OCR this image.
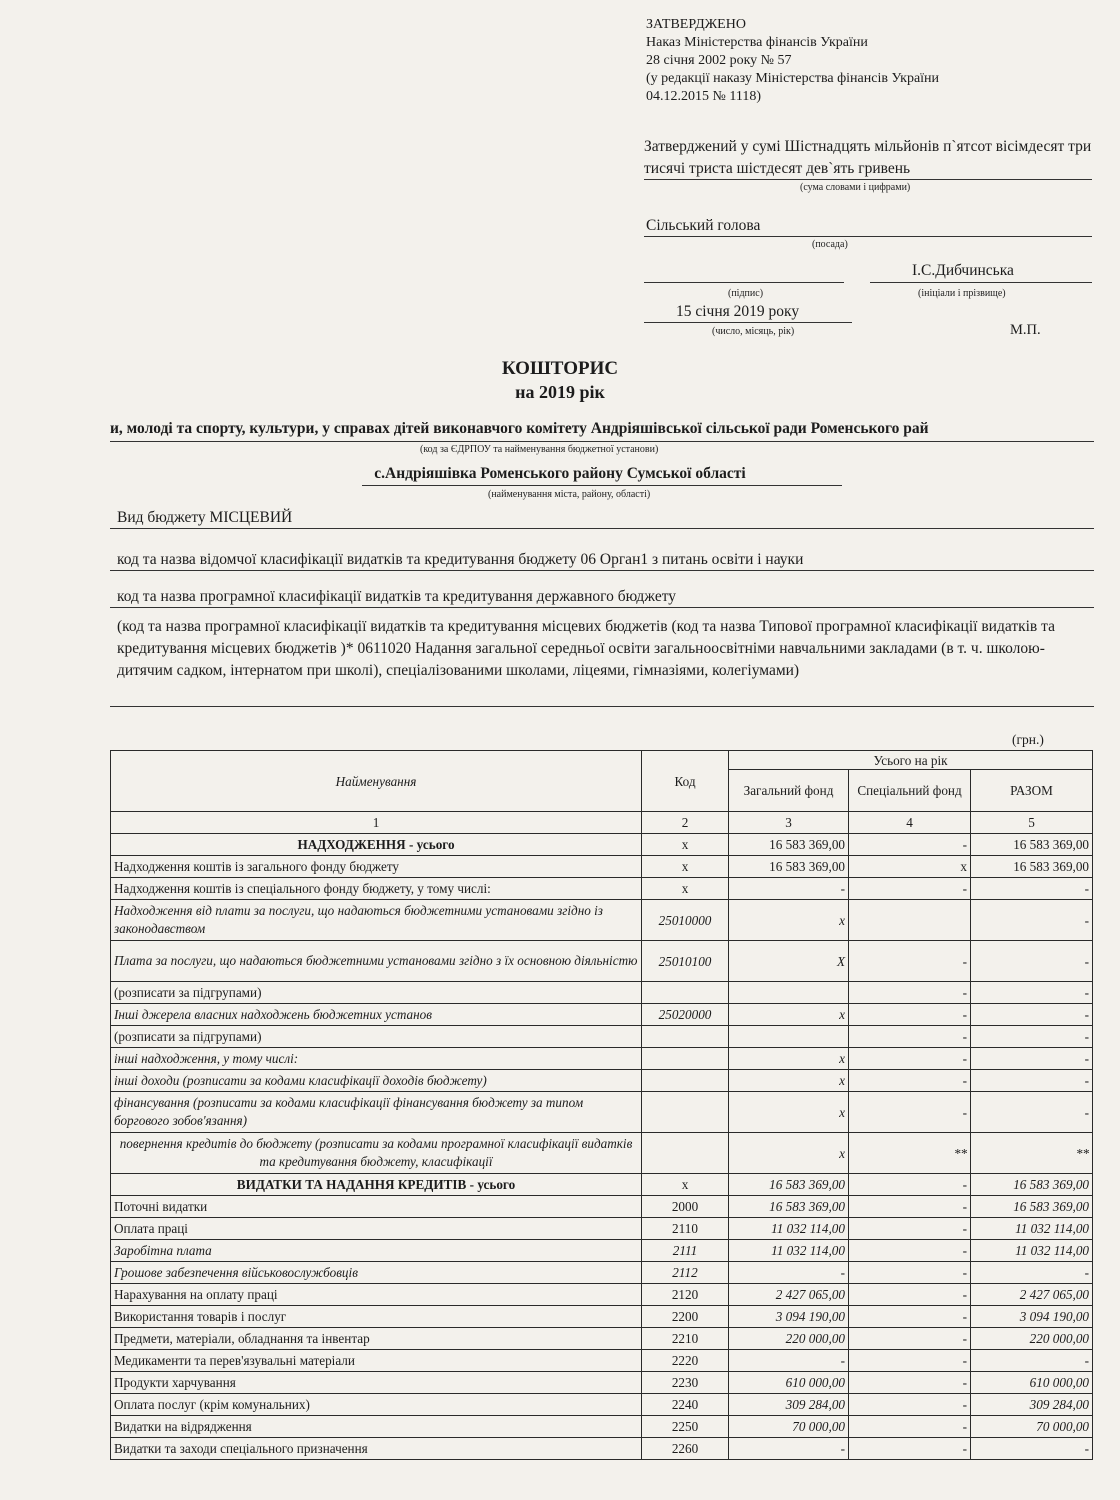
ЗАТВЕРДЖЕНО
Наказ Міністерства фінансів України
28 січня 2002 року № 57
(у редакції наказу Міністерства фінансів України
04.12.2015 № 1118)
Затверджений у сумі Шістнадцять мільйонів п`ятсот вісімдесят три тисячі триста шістдесят дев`ять гривень
(сума словами і цифрами)
Сільський голова
(посада)
І.С.Дибчинська
(підпис)	(ініціали і прізвище)
15 січня 2019 року
(число, місяць, рік)	М.П.
КОШТОРИС
на 2019 рік
и, молоді та спорту, культури, у справах дітей виконавчого комітету Андріяшівської сільської ради Роменського рай
(код за ЄДРПОУ та найменування бюджетної установи)
с.Андріяшівка Роменського району Сумської області
(найменування міста, району, області)
Вид бюджету МІСЦЕВИЙ
код та назва відомчої класифікації видатків та кредитування бюджету 06 Орган1 з питань освіти і науки
код та назва програмної класифікації видатків та кредитування державного бюджету
(код та назва програмної класифікації видатків та кредитування місцевих бюджетів (код та назва Типової програмної класифікації видатків та кредитування місцевих бюджетів )* 0611020 Надання загальної середньої освіти загальноосвітніми навчальними закладами (в т. ч. школою-дитячим садком, інтернатом при школі), спеціалізованими школами, ліцеями, гімназіями, колегіумами)
(грн.)
Найменування	Код	Усього на рік		
		Загальний фонд	Спеціальний фонд	РАЗОМ
1	2	3	4	5
НАДХОДЖЕННЯ - усього	x	16 583 369,00	-	16 583 369,00
Надходження коштів із загального фонду бюджету	x	16 583 369,00	x	16 583 369,00
Надходження коштів із спеціального фонду бюджету, у тому числі:	x	-	-	-
Надходження від плати за послуги, що надаються бюджетними установами згідно із законодавством	25010000	x		-
Плата за послуги, що надаються бюджетними установами згідно з їх основною діяльністю	25010100	X	-	-
(розписати за підгрупами)			-	-
Інші джерела власних надходжень бюджетних установ	25020000	x	-	-
(розписати за підгрупами)			-	-
інші надходження, у тому числі:		x	-	-
інші доходи (розписати за кодами класифікації доходів бюджету)		x	-	-
фінансування (розписати за кодами класифікації фінансування бюджету за типом боргового зобов'язання)		x	-	-
повернення кредитів до бюджету (розписати за кодами програмної класифікації видатків та кредитування бюджету, класифікації		x	**	**
ВИДАТКИ ТА НАДАННЯ КРЕДИТІВ - усього	x	16 583 369,00	-	16 583 369,00
Поточні видатки	2000	16 583 369,00	-	16 583 369,00
Оплата праці	2110	11 032 114,00	-	11 032 114,00
Заробітна плата	2111	11 032 114,00	-	11 032 114,00
Грошове забезпечення військовослужбовців	2112	-	-	-
Нарахування на оплату праці	2120	2 427 065,00	-	2 427 065,00
Використання товарів і послуг	2200	3 094 190,00	-	3 094 190,00
Предмети, матеріали, обладнання та інвентар	2210	220 000,00	-	220 000,00
Медикаменти та перев'язувальні матеріали	2220	-	-	-
Продукти харчування	2230	610 000,00	-	610 000,00
Оплата послуг (крім комунальних)	2240	309 284,00	-	309 284,00
Видатки на відрядження	2250	70 000,00	-	70 000,00
Видатки та заходи спеціального призначення	2260	-	-	-
